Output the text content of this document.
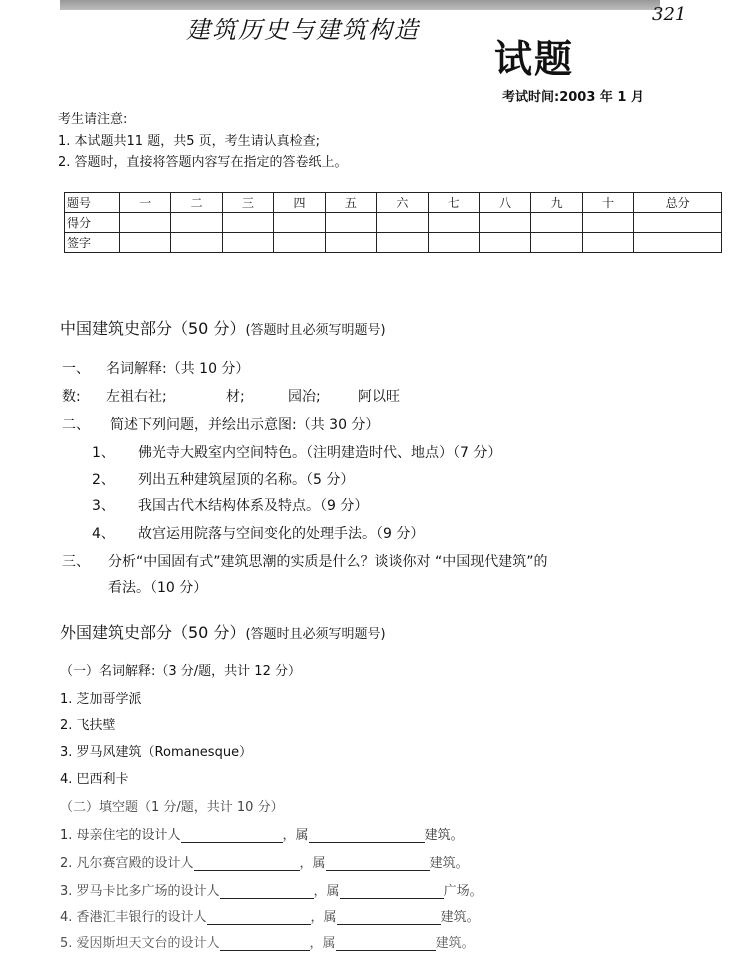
建筑历史与建筑构造
321
试题
考试时间:2003 年 1 月
考生请注意:
1. 本试题共11 题，共5 页，考生请认真检查;
2. 答题时，直接将答题内容写在指定的答卷纸上。
题号	一	二	三	四	五	六	七	八	九	十	总分
得分											
签字											
中国建筑史部分（50 分）(答题时且必须写明题号)
一、 名词解释:（共 10 分）
数: 左祖右社;	材;	园冶;	阿以旺
二、 简述下列问题，并绘出示意图:（共 30 分）
1、 佛光寺大殿室内空间特色。（注明建造时代、地点）（7 分）
2、 列出五种建筑屋顶的名称。（5 分）
3、 我国古代木结构体系及特点。（9 分）
4、 故宫运用院落与空间变化的处理手法。（9 分）
三、 分析“中国固有式”建筑思潮的实质是什么？谈谈你对 “中国现代建筑”的
看法。（10 分）
外国建筑史部分（50 分）(答题时且必须写明题号)
（一）名词解释:（3 分/题，共计 12 分）
1. 芝加哥学派
2. 飞扶壁
3. 罗马风建筑（Romanesque）
4. 巴西利卡
（二）填空题（1 分/题，共计 10 分）
1. 母亲住宅的设计人	，属	建筑。
2. 凡尔赛宫殿的设计人	，属	建筑。
3. 罗马卡比多广场的设计人	，属	广场。
4. 香港汇丰银行的设计人	，属	建筑。
5. 爱因斯坦天文台的设计人	，属	建筑。
